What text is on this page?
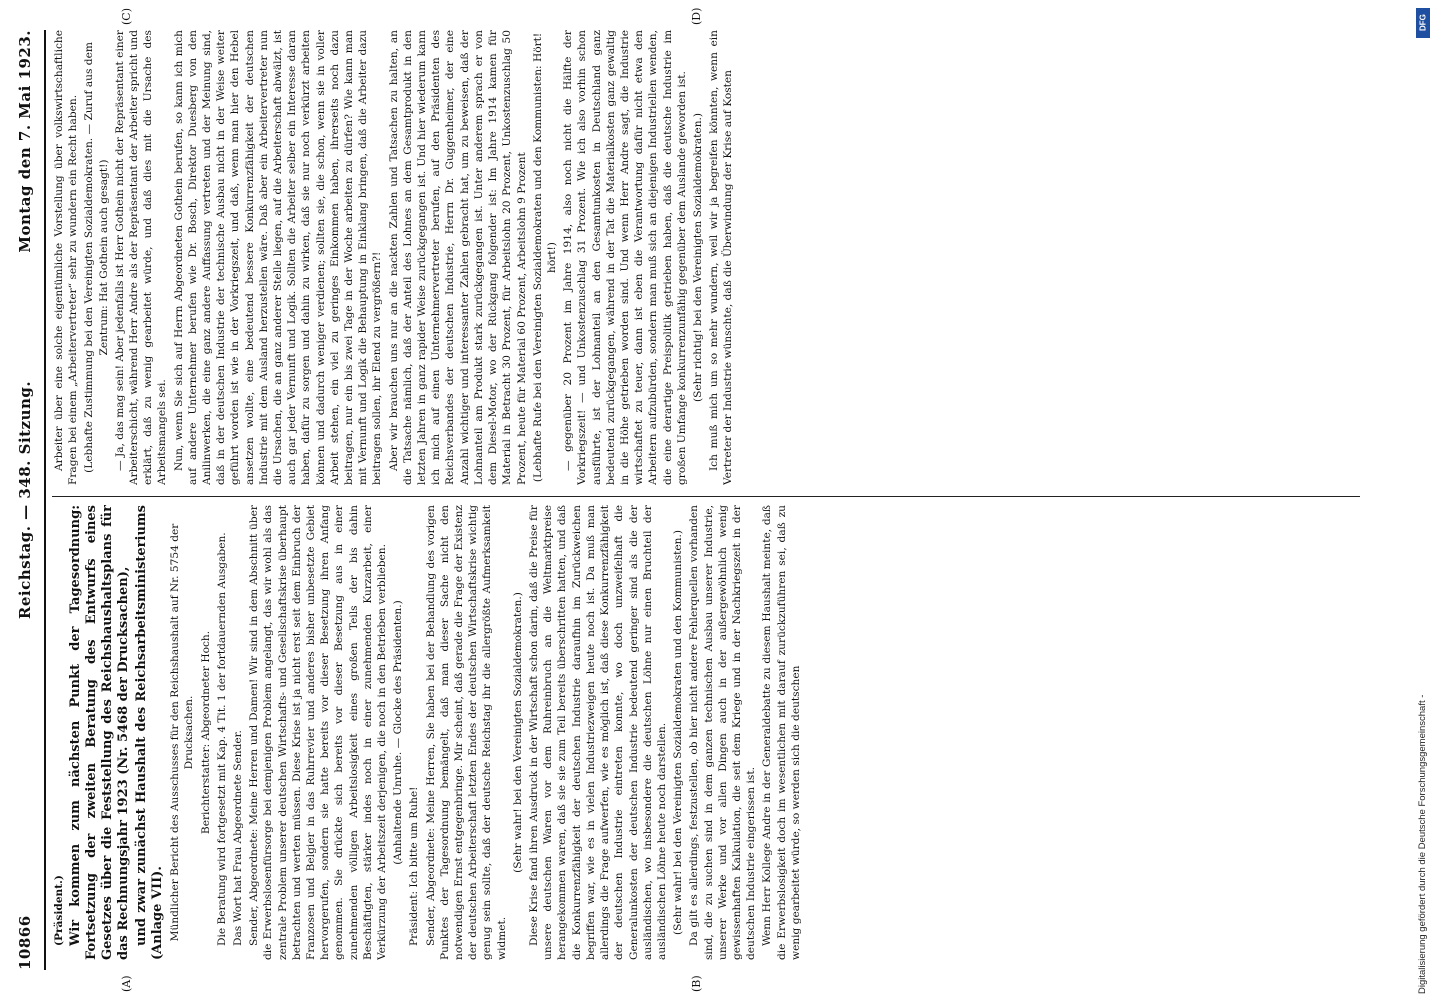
10866
Reichstag. — 348. Sitzung.
Montag den 7. Mai 1923.
(A)	(B)
(C)	(D)

(Präsident.) Wir kommen zum nächsten Punkt der Tagesordnung: Fortsetzung der zweiten Beratung des Entwurfs eines Gesetzes über die Feststellung des Reichshaushaltsplans für das Rechnungsjahr 1923 (Nr. 5468 der Drucksachen), und zwar zunächst Haushalt des Reichsarbeitsministeriums (Anlage VII). Mündlicher Bericht des Ausschusses für den Reichshaushalt auf Nr. 5754 der Drucksachen. Berichterstatter: Abgeordneter Hoch. Die Beratung wird fortgesetzt mit Kap. 4 Tit. 1 der fortdauernden Ausgaben. Das Wort hat Frau Abgeordnete Sender. Sender, Abgeordnete: Meine Herren und Damen! Wir sind in dem Abschnitt über die Erwerbslosenfürsorge bei demjenigen Problem angelangt, das wir wohl als das zentrale Problem unserer deutschen Wirtschafts- und Gesellschaftskrise überhaupt betrachten und werten müssen. Diese Krise ist ja nicht erst seit dem Einbruch der Franzosen und Belgier in das Ruhrrevier und anderes bisher unbesetzte Gebiet hervorgerufen, sondern sie hatte bereits vor dieser Besetzung ihren Anfang genommen. Sie drückte sich bereits vor dieser Besetzung aus in einer zunehmenden völligen Arbeitslosigkeit eines großen Teils der bis dahin Beschäftigten, stärker indes noch in einer zunehmenden Kurzarbeit, einer Verkürzung der Arbeitszeit derjenigen, die noch in den Betrieben verblieben. (Anhaltende Unruhe. — Glocke des Präsidenten.)

Präsident: Ich bitte um Ruhe! Sender, Abgeordnete: Meine Herren, Sie haben bei der Behandlung des vorigen Punktes der Tagesordnung bemängelt, daß man dieser Sache nicht den notwendigen Ernst entgegenbringe. Mir scheint, daß gerade die Frage der Existenz der deutschen Arbeiterschaft letzten Endes der deutschen Wirtschaftskrise wichtig genug sein sollte, daß der deutsche Reichstag ihr die allergrößte Aufmerksamkeit widmet.

(Sehr wahr! bei den Vereinigten Sozialdemokraten.) Diese Krise fand ihren Ausdruck in der Wirtschaft schon darin, daß die Preise für unsere deutschen Waren vor dem Ruhreinbruch an die Weltmarktpreise herangekommen waren, daß sie sie zum Teil bereits überschritten hatten, und daß die Konkurrenzfähigkeit der deutschen Industrie daraufhin im Zurückweichen begriffen war, wie es in vielen Industriezweigen heute noch ist. Da muß man allerdings die Frage aufwerfen, wie es möglich ist, daß diese Konkurrenzfähigkeit der deutschen Industrie eintreten konnte, wo doch unzweifelhaft die Generalunkosten der deutschen Industrie bedeutend geringer sind als die der ausländischen, wo insbesondere die deutschen Löhne nur einen Bruchteil der ausländischen Löhne heute noch darstellen. (Sehr wahr! bei den Vereinigten Sozialdemokraten und den Kommunisten.) Da gilt es allerdings, festzustellen, ob hier nicht andere Fehlerquellen vorhanden sind, die zu suchen sind in dem ganzen technischen Ausbau unserer Industrie, unserer Werke und vor allen Dingen auch in der außergewöhnlich wenig gewissenhaften Kalkulation, die seit dem Kriege und in der Nachkriegszeit in der deutschen Industrie eingerissen ist. Wenn Herr Kollege Andre in der Generaldebatte zu diesem Haushalt meinte, daß die Erwerbslosigkeit doch im wesentlichen mit darauf zurückzuführen sei, daß zu wenig gearbeitet würde, so werden sich die deutschen

Arbeiter über eine solche eigentümliche Vorstellung über volkswirtschaftliche Fragen bei einem „Arbeitervertreter“ sehr zu wundern ein Recht haben. (Lebhafte Zustimmung bei den Vereinigten Sozialdemokraten. — Zuruf aus dem Zentrum: Hat Gothein auch gesagt!) — Ja, das mag sein! Aber jedenfalls ist Herr Gothein nicht der Repräsentant einer Arbeiterschicht, während Herr Andre als der Repräsentant der Arbeiter spricht und erklärt, daß zu wenig gearbeitet würde, und daß dies mit die Ursache des Arbeitsmangels sei. Nun, wenn Sie sich auf Herrn Abgeordneten Gothein berufen, so kann ich mich auf andere Unternehmer berufen wie Dr. Bosch, Direktor Duesberg von den Anilinwerken, die eine ganz andere Auffassung vertreten und der Meinung sind, daß in der deutschen Industrie der technische Ausbau nicht in der Weise weiter geführt worden ist wie in der Vorkriegszeit, und daß, wenn man hier den Hebel ansetzen wollte, eine bedeutend bessere Konkurrenzfähigkeit der deutschen Industrie mit dem Ausland herzustellen wäre. Daß aber ein Arbeitervertreter nun die Ursachen, die an ganz anderer Stelle liegen, auf die Arbeiterschaft abwälzt, ist auch gar jeder Vernunft und Logik. Sollten die Arbeiter selber ein Interesse daran haben, dafür zu sorgen und dahin zu wirken, daß sie nur noch verkürzt arbeiten können und dadurch weniger verdienen; sollten sie, die schon, wenn sie in voller Arbeit stehen, ein viel zu geringes Einkommen haben, ihrerseits noch dazu beitragen, nur ein bis zwei Tage in der Woche arbeiten zu dürfen? Wie kann man mit Vernunft und Logik die Behauptung in Einklang bringen, daß die Arbeiter dazu beitragen sollen, ihr Elend zu vergrößern?! Aber wir brauchen uns nur an die nackten Zahlen und Tatsachen zu halten, an die Tatsache nämlich, daß der Anteil des Lohnes an dem Gesamtprodukt in den letzten Jahren in ganz rapider Weise zurückgegangen ist. Und hier wiederum kann ich mich auf einen Unternehmervertreter berufen, auf den Präsidenten des Reichsverbandes der deutschen Industrie, Herrn Dr. Guggenheimer, der eine Anzahl wichtiger und interessanter Zahlen gebracht hat, um zu beweisen, daß der Lohnanteil am Produkt stark zurückgegangen ist. Unter anderem sprach er von dem Diesel-Motor, wo der Rückgang folgender ist: Im Jahre 1914 kamen für Material in Betracht 30 Prozent, für Arbeitslohn 20 Prozent, Unkostenzuschlag 50 Prozent, heute für Material 60 Prozent, Arbeitslohn 9 Prozent (Lebhafte Rufe bei den Vereinigten Sozialdemokraten und den Kommunisten: Hört! hört!) — gegenüber 20 Prozent im Jahre 1914, also noch nicht die Hälfte der Vorkriegszeit! — und Unkostenzuschlag 31 Prozent. Wie ich also vorhin schon ausführte, ist der Lohnanteil an den Gesamtunkosten in Deutschland ganz bedeutend zurückgegangen, während in der Tat die Materialkosten ganz gewaltig in die Höhe getrieben worden sind. Und wenn Herr Andre sagt, die Industrie wirtschaftet zu teuer, dann ist eben die Verantwortung dafür nicht etwa den Arbeitern aufzubürden, sondern man muß sich an diejenigen Industriellen wenden, die eine derartige Preispolitik getrieben haben, daß die deutsche Industrie im großen Umfange konkurrenzunfähig gegenüber dem Auslande geworden ist. (Sehr richtig! bei den Vereinigten Sozialdemokraten.) Ich muß mich um so mehr wundern, weil wir ja begreifen könnten, wenn ein Vertreter der Industrie wünschte, daß die Überwindung der Krise auf Kosten

DFG
Digitalisierung gefördert durch die Deutsche Forschungsgemeinschaft -
